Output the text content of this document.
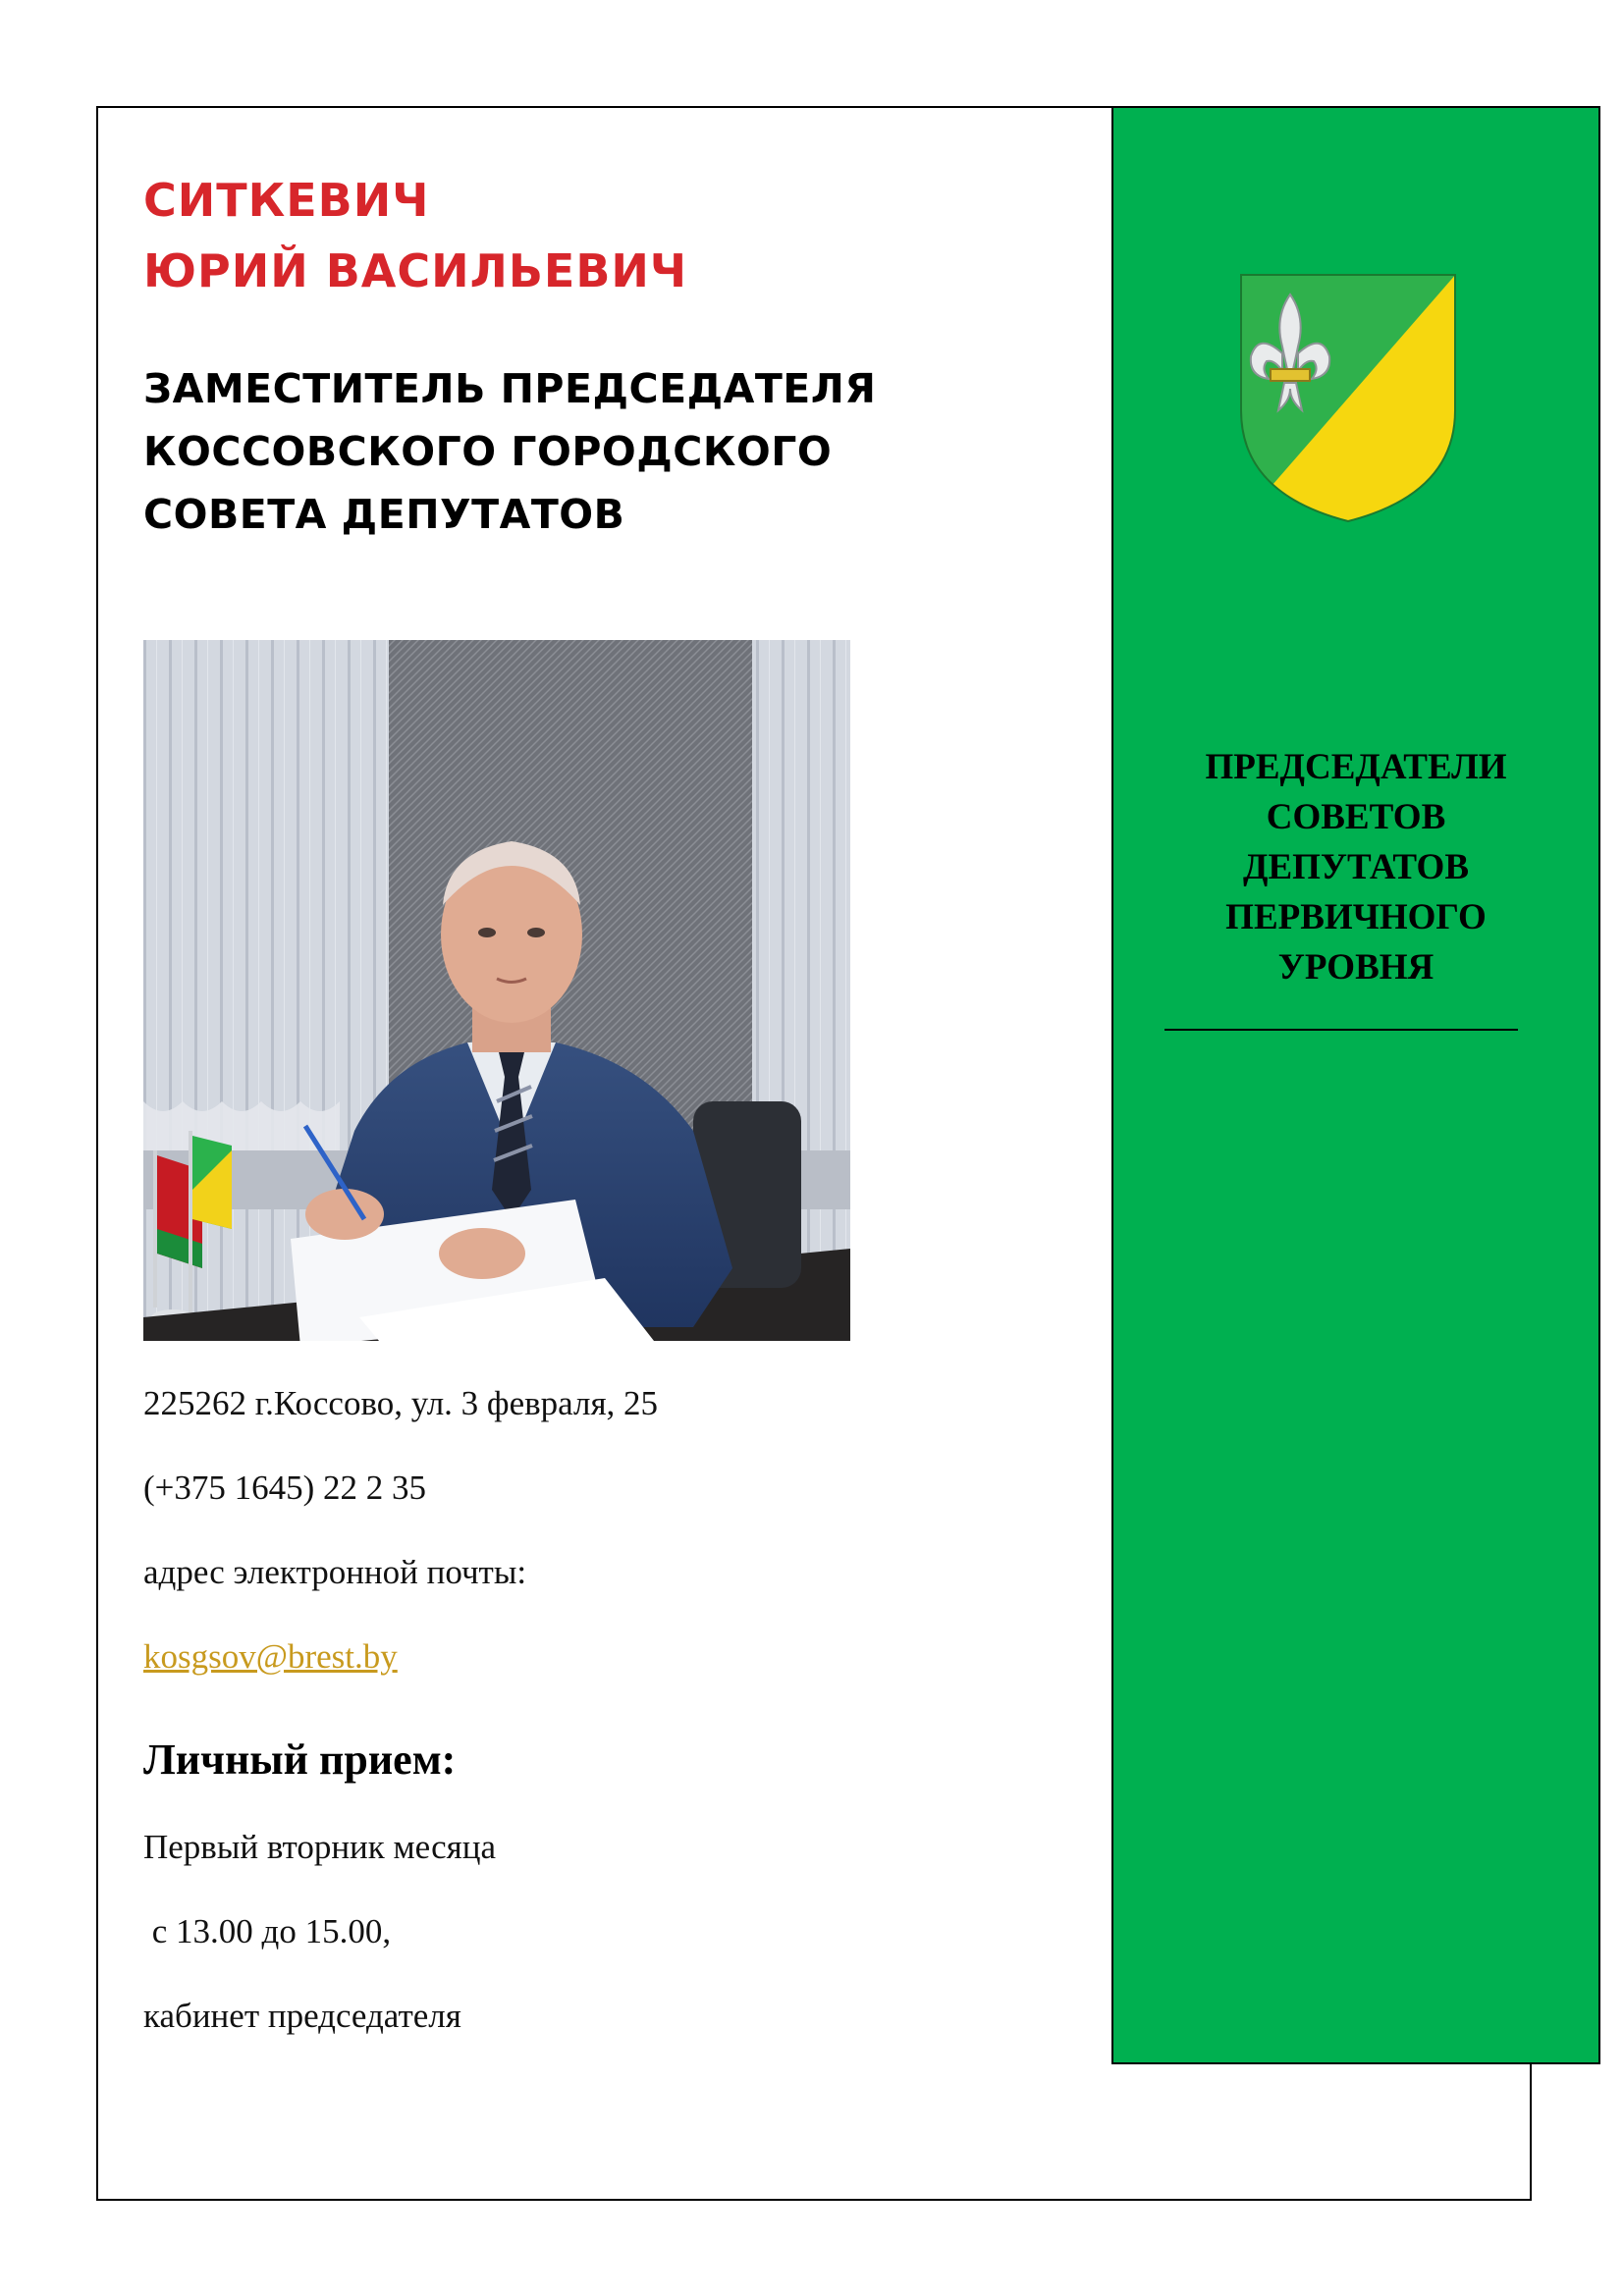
СИТКЕВИЧ
ЮРИЙ ВАСИЛЬЕВИЧ
ЗАМЕСТИТЕЛЬ ПРЕДСЕДАТЕЛЯ
КОССОВСКОГО ГОРОДСКОГО
СОВЕТА ДЕПУТАТОВ
225262 г.Коссово, ул. 3 февраля, 25
(+375 1645) 22 2 35
адрес электронной почты:
kosgsov@brest.by
Личный прием:
Первый вторник месяца
с 13.00 до 15.00,
кабинет председателя
ПРЕДСЕДАТЕЛИ
СОВЕТОВ
ДЕПУТАТОВ
ПЕРВИЧНОГО
УРОВНЯ
